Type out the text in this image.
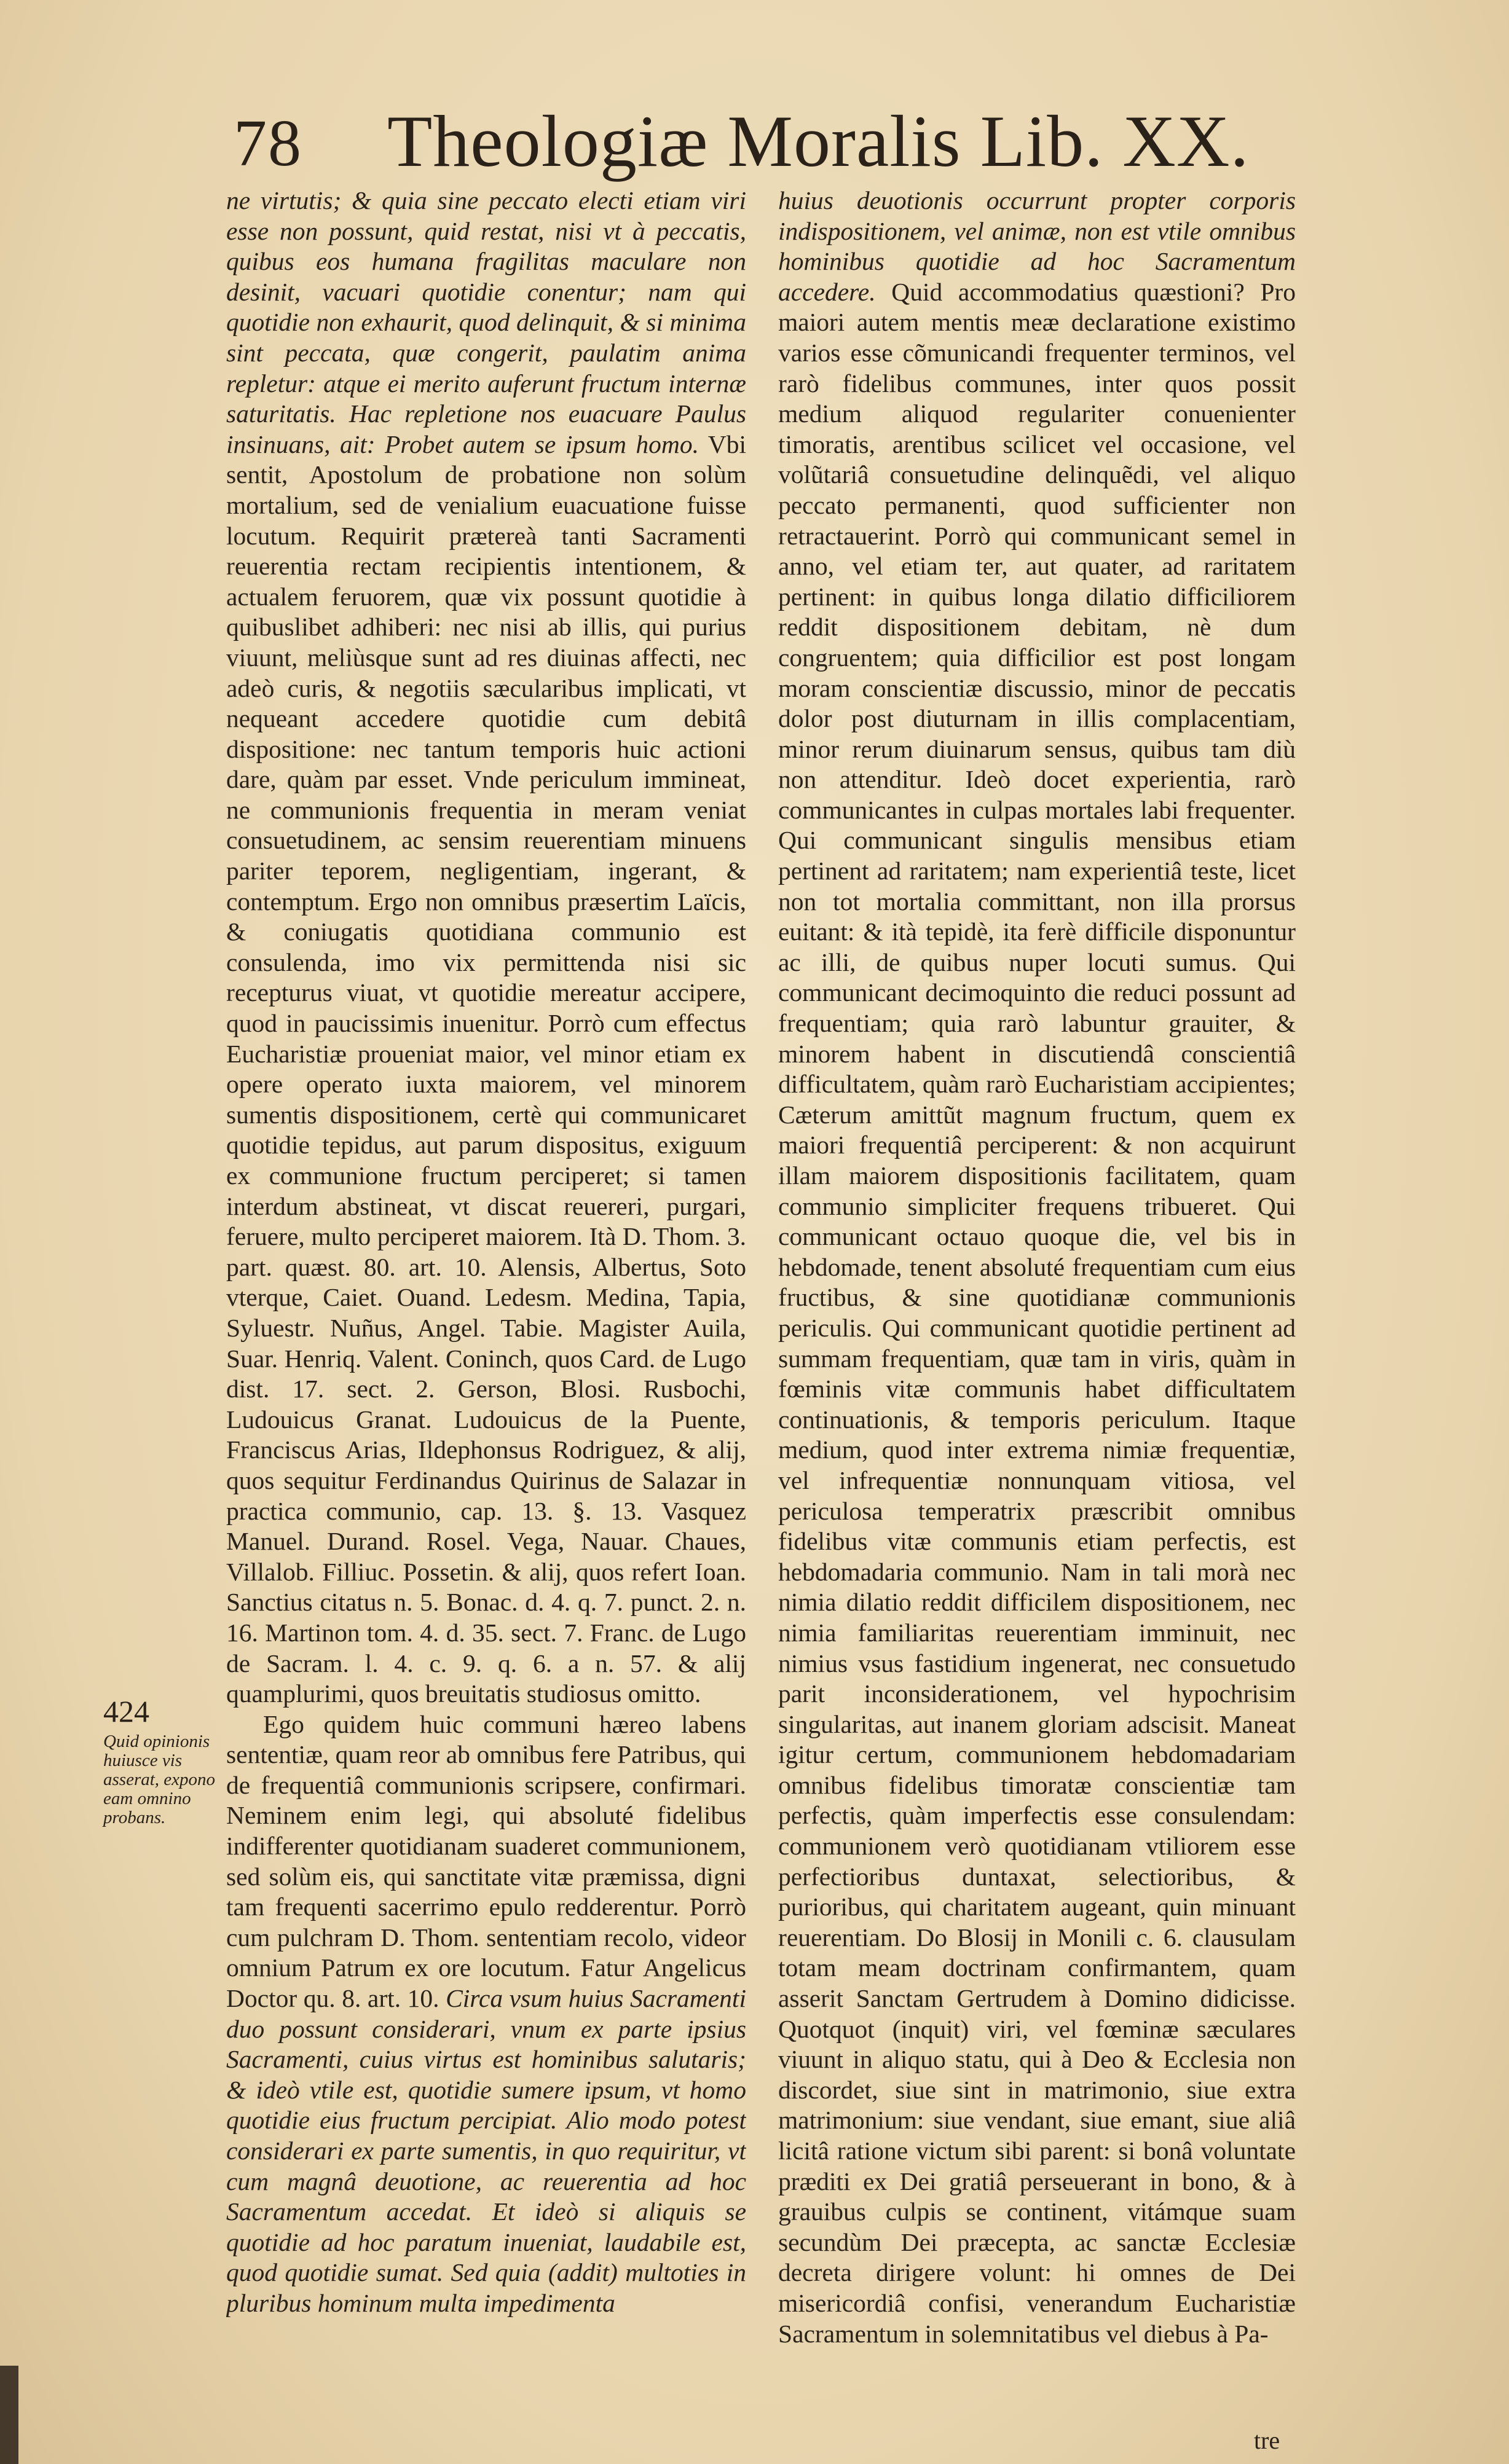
78 Theologiæ Moralis Lib. XX.

ne virtutis; & quia sine peccato electi etiam viri esse non possunt, quid restat, nisi vt à peccatis, quibus eos humana fragilitas maculare non desinit, vacuari quotidie conentur; nam qui quotidie non exhaurit, quod delinquit, & si minima sint peccata, quæ congerit, paulatim anima repletur: atque ei merito auferunt fructum internæ saturitatis. Hac repletione nos euacuare Paulus insinuans, ait: Probet autem se ipsum homo. Vbi sentit, Apostolum de probatione non solùm mortalium, sed de venialium euacuatione fuisse locutum. Requirit prætereà tanti Sacramenti reuerentia rectam recipientis intentionem, & actualem feruorem, quæ vix possunt quotidie à quibuslibet adhiberi: nec nisi ab illis, qui purius viuunt, meliùsque sunt ad res diuinas affecti, nec adeò curis, & negotiis sæcularibus implicati, vt nequeant accedere quotidie cum debitâ dispositione: nec tantum temporis huic actioni dare, quàm par esset. Vnde periculum immineat, ne communionis frequentia in meram veniat consuetudinem, ac sensim reuerentiam minuens pariter teporem, negligentiam, ingerant, & contemptum. Ergo non omnibus præsertim Laïcis, & coniugatis quotidiana communio est consulenda, imo vix permittenda nisi sic recepturus viuat, vt quotidie mereatur accipere, quod in paucissimis inuenitur. Porrò cum effectus Eucharistiæ proueniat maior, vel minor etiam ex opere operato iuxta maiorem, vel minorem sumentis dispositionem, certè qui communicaret quotidie tepidus, aut parum dispositus, exiguum ex communione fructum perciperet; si tamen interdum abstineat, vt discat reuereri, purgari, feruere, multo perciperet maiorem. Ità D. Thom. 3. part. quæst. 80. art. 10. Alensis, Albertus, Soto vterque, Caiet. Ouand. Ledesm. Medina, Tapia, Syluestr. Nuñus, Angel. Tabie. Magister Auila, Suar. Henriq. Valent. Coninch, quos Card. de Lugo dist. 17. sect. 2. Gerson, Blosi. Rusbochi, Ludouicus Granat. Ludouicus de la Puente, Franciscus Arias, Ildephonsus Rodriguez, & alij, quos sequitur Ferdinandus Quirinus de Salazar in practica communio, cap. 13. §. 13. Vasquez Manuel. Durand. Rosel. Vega, Nauar. Chaues, Villalob. Filliuc. Possetin. & alij, quos refert Ioan. Sanctius citatus n. 5. Bonac. d. 4. q. 7. punct. 2. n. 16. Martinon tom. 4. d. 35. sect. 7. Franc. de Lugo de Sacram. l. 4. c. 9. q. 6. a n. 57. & alij quamplurimi, quos breuitatis studiosus omitto.

Ego quidem huic communi hæreo labens sententiæ, quam reor ab omnibus fere Patribus, qui de frequentiâ communionis scripsere, confirmari. Neminem enim legi, qui absoluté fidelibus indifferenter quotidianam suaderet communionem, sed solùm eis, qui sanctitate vitæ præmissa, digni tam frequenti sacerrimo epulo redderentur. Porrò cum pulchram D. Thom. sententiam recolo, videor omnium Patrum ex ore locutum. Fatur Angelicus Doctor qu. 8. art. 10. Circa vsum huius Sacramenti duo possunt considerari, vnum ex parte ipsius Sacramenti, cuius virtus est hominibus salutaris; & ideò vtile est, quotidie sumere ipsum, vt homo quotidie eius fructum percipiat. Alio modo potest considerari ex parte sumentis, in quo requiritur, vt cum magnâ deuotione, ac reuerentia ad hoc Sacramentum accedat. Et ideò si aliquis se quotidie ad hoc paratum inueniat, laudabile est, quod quotidie sumat. Sed quia (addit) multoties in pluribus hominum multa impedimenta

huius deuotionis occurrunt propter corporis indispositionem, vel animæ, non est vtile omnibus hominibus quotidie ad hoc Sacramentum accedere. Quid accommodatius quæstioni? Pro maiori autem mentis meæ declaratione existimo varios esse cõmunicandi frequenter terminos, vel rarò fidelibus communes, inter quos possit medium aliquod regulariter conuenienter timoratis, arentibus scilicet vel occasione, vel volũtariâ consuetudine delinquẽdi, vel aliquo peccato permanenti, quod sufficienter non retractauerint. Porrò qui communicant semel in anno, vel etiam ter, aut quater, ad raritatem pertinent: in quibus longa dilatio difficiliorem reddit dispositionem debitam, nè dum congruentem; quia difficilior est post longam moram conscientiæ discussio, minor de peccatis dolor post diuturnam in illis complacentiam, minor rerum diuinarum sensus, quibus tam diù non attenditur. Ideò docet experientia, rarò communicantes in culpas mortales labi frequenter. Qui communicant singulis mensibus etiam pertinent ad raritatem; nam experientiâ teste, licet non tot mortalia committant, non illa prorsus euitant: & ità tepidè, ita ferè difficile disponuntur ac illi, de quibus nuper locuti sumus. Qui communicant decimoquinto die reduci possunt ad frequentiam; quia rarò labuntur grauiter, & minorem habent in discutiendâ conscientiâ difficultatem, quàm rarò Eucharistiam accipientes; Cæterum amittũt magnum fructum, quem ex maiori frequentiâ perciperent: & non acquirunt illam maiorem dispositionis facilitatem, quam communio simpliciter frequens tribueret. Qui communicant octauo quoque die, vel bis in hebdomade, tenent absoluté frequentiam cum eius fructibus, & sine quotidianæ communionis periculis. Qui communicant quotidie pertinent ad summam frequentiam, quæ tam in viris, quàm in fœminis vitæ communis habet difficultatem continuationis, & temporis periculum. Itaque medium, quod inter extrema nimiæ frequentiæ, vel infrequentiæ nonnunquam vitiosa, vel periculosa temperatrix præscribit omnibus fidelibus vitæ communis etiam perfectis, est hebdomadaria communio. Nam in tali morà nec nimia dilatio reddit difficilem dispositionem, nec nimia familiaritas reuerentiam imminuit, nec nimius vsus fastidium ingenerat, nec consuetudo parit inconsiderationem, vel hypochrisim singularitas, aut inanem gloriam adscisit. Maneat igitur certum, communionem hebdomadariam omnibus fidelibus timoratæ conscientiæ tam perfectis, quàm imperfectis esse consulendam: communionem verò quotidianam vtiliorem esse perfectioribus duntaxat, selectioribus, & purioribus, qui charitatem augeant, quin minuant reuerentiam. Do Blosij in Monili c. 6. clausulam totam meam doctrinam confirmantem, quam asserit Sanctam Gertrudem à Domino didicisse. Quotquot (inquit) viri, vel fœminæ sæculares viuunt in aliquo statu, qui à Deo & Ecclesia non discordet, siue sint in matrimonio, siue extra matrimonium: siue vendant, siue emant, siue aliâ licitâ ratione victum sibi parent: si bonâ voluntate præditi ex Dei gratiâ perseuerant in bono, & à grauibus culpis se continent, vitámque suam secundùm Dei præcepta, ac sanctæ Ecclesiæ decreta dirigere volunt: hi omnes de Dei misericordiâ confisi, venerandum Eucharistiæ Sacramentum in solemnitatibus vel diebus à Pa-

424
Quid opinionis huiusce vis asserat, expono eam omnino probans.
tre
